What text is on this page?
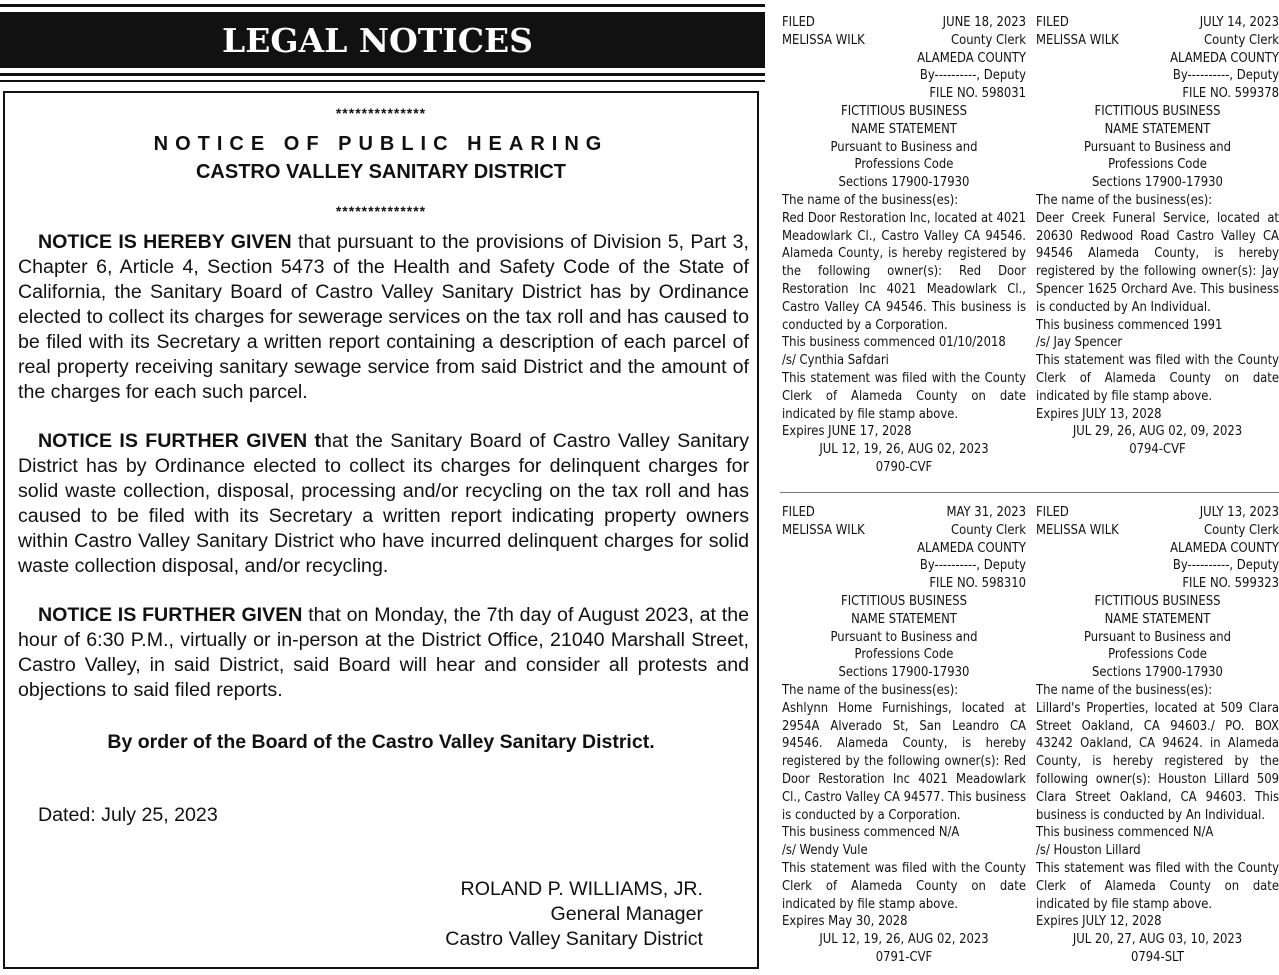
LEGAL NOTICES
**************
NOTICE OF PUBLIC HEARING
CASTRO VALLEY SANITARY DISTRICT
**************
NOTICE IS HEREBY GIVEN that pursuant to the provisions of Division 5, Part 3, Chapter 6, Article 4, Section 5473 of the Health and Safety Code of the State of California, the Sanitary Board of Castro Valley Sanitary District has by Ordinance elected to collect its charges for sewerage services on the tax roll and has caused to be filed with its Secretary a written report containing a description of each parcel of real property receiving sanitary sewage service from said District and the amount of the charges for each such parcel.
NOTICE IS FURTHER GIVEN that the Sanitary Board of Castro Valley Sanitary District has by Ordinance elected to collect its charges for delinquent charges for solid waste collection, disposal, processing and/or recycling on the tax roll and has caused to be filed with its Secretary a written report indicating property owners within Castro Valley Sanitary District who have incurred delinquent charges for solid waste collection disposal, and/or recycling.
NOTICE IS FURTHER GIVEN that on Monday, the 7th day of August 2023, at the hour of 6:30 P.M., virtually or in-person at the District Office, 21040 Marshall Street, Castro Valley, in said District, said Board will hear and consider all protests and objections to said filed reports.
By order of the Board of the Castro Valley Sanitary District.
Dated: July 25, 2023
ROLAND P. WILLIAMS, JR.
General Manager
Castro Valley Sanitary District
FILED	JUNE 18, 2023
MELISSA WILK	County Clerk
ALAMEDA COUNTY
By----------, Deputy
FILE NO. 598031
FICTITIOUS BUSINESS
NAME STATEMENT
Pursuant to Business and
Professions Code
Sections 17900-17930
The name of the business(es):
Red Door Restoration Inc, located at 4021 Meadowlark Cl., Castro Valley CA 94546. Alameda County, is hereby registered by the following owner(s): Red Door Restoration Inc 4021 Meadowlark Cl., Castro Valley CA 94546. This business is conducted by a Corporation.
This business commenced 01/10/2018
/s/ Cynthia Safdari
This statement was filed with the County Clerk of Alameda County on date indicated by file stamp above.
Expires JUNE 17, 2028
JUL 12, 19, 26, AUG 02, 2023
0790-CVF
FILED	JULY 14, 2023
MELISSA WILK	County Clerk
ALAMEDA COUNTY
By----------, Deputy
FILE NO. 599378
FICTITIOUS BUSINESS
NAME STATEMENT
Pursuant to Business and
Professions Code
Sections 17900-17930
The name of the business(es):
Deer Creek Funeral Service, located at 20630 Redwood Road Castro Valley CA 94546 Alameda County, is hereby registered by the following owner(s): Jay Spencer 1625 Orchard Ave. This business is conducted by An Individual.
This business commenced 1991
/s/ Jay Spencer
This statement was filed with the County Clerk of Alameda County on date indicated by file stamp above.
Expires JULY 13, 2028
JUL 29, 26, AUG 02, 09, 2023
0794-CVF
FILED	MAY 31, 2023
MELISSA WILK	County Clerk
ALAMEDA COUNTY
By----------, Deputy
FILE NO. 598310
FICTITIOUS BUSINESS
NAME STATEMENT
Pursuant to Business and
Professions Code
Sections 17900-17930
The name of the business(es):
Ashlynn Home Furnishings, located at 2954A Alverado St, San Leandro CA 94546. Alameda County, is hereby registered by the following owner(s): Red Door Restoration Inc 4021 Meadowlark Cl., Castro Valley CA 94577. This business is conducted by a Corporation.
This business commenced N/A
/s/ Wendy Vule
This statement was filed with the County Clerk of Alameda County on date indicated by file stamp above.
Expires May 30, 2028
JUL 12, 19, 26, AUG 02, 2023
0791-CVF
FILED	JULY 13, 2023
MELISSA WILK	County Clerk
ALAMEDA COUNTY
By----------, Deputy
FILE NO. 599323
FICTITIOUS BUSINESS
NAME STATEMENT
Pursuant to Business and
Professions Code
Sections 17900-17930
The name of the business(es):
Lillard's Properties, located at 509 Clara Street Oakland, CA 94603./ PO. BOX 43242 Oakland, CA 94624. in Alameda County, is hereby registered by the following owner(s): Houston Lillard 509 Clara Street Oakland, CA 94603. This business is conducted by An Individual.
This business commenced N/A
/s/ Houston Lillard
This statement was filed with the County Clerk of Alameda County on date indicated by file stamp above.
Expires JULY 12, 2028
JUL 20, 27, AUG 03, 10, 2023
0794-SLT
